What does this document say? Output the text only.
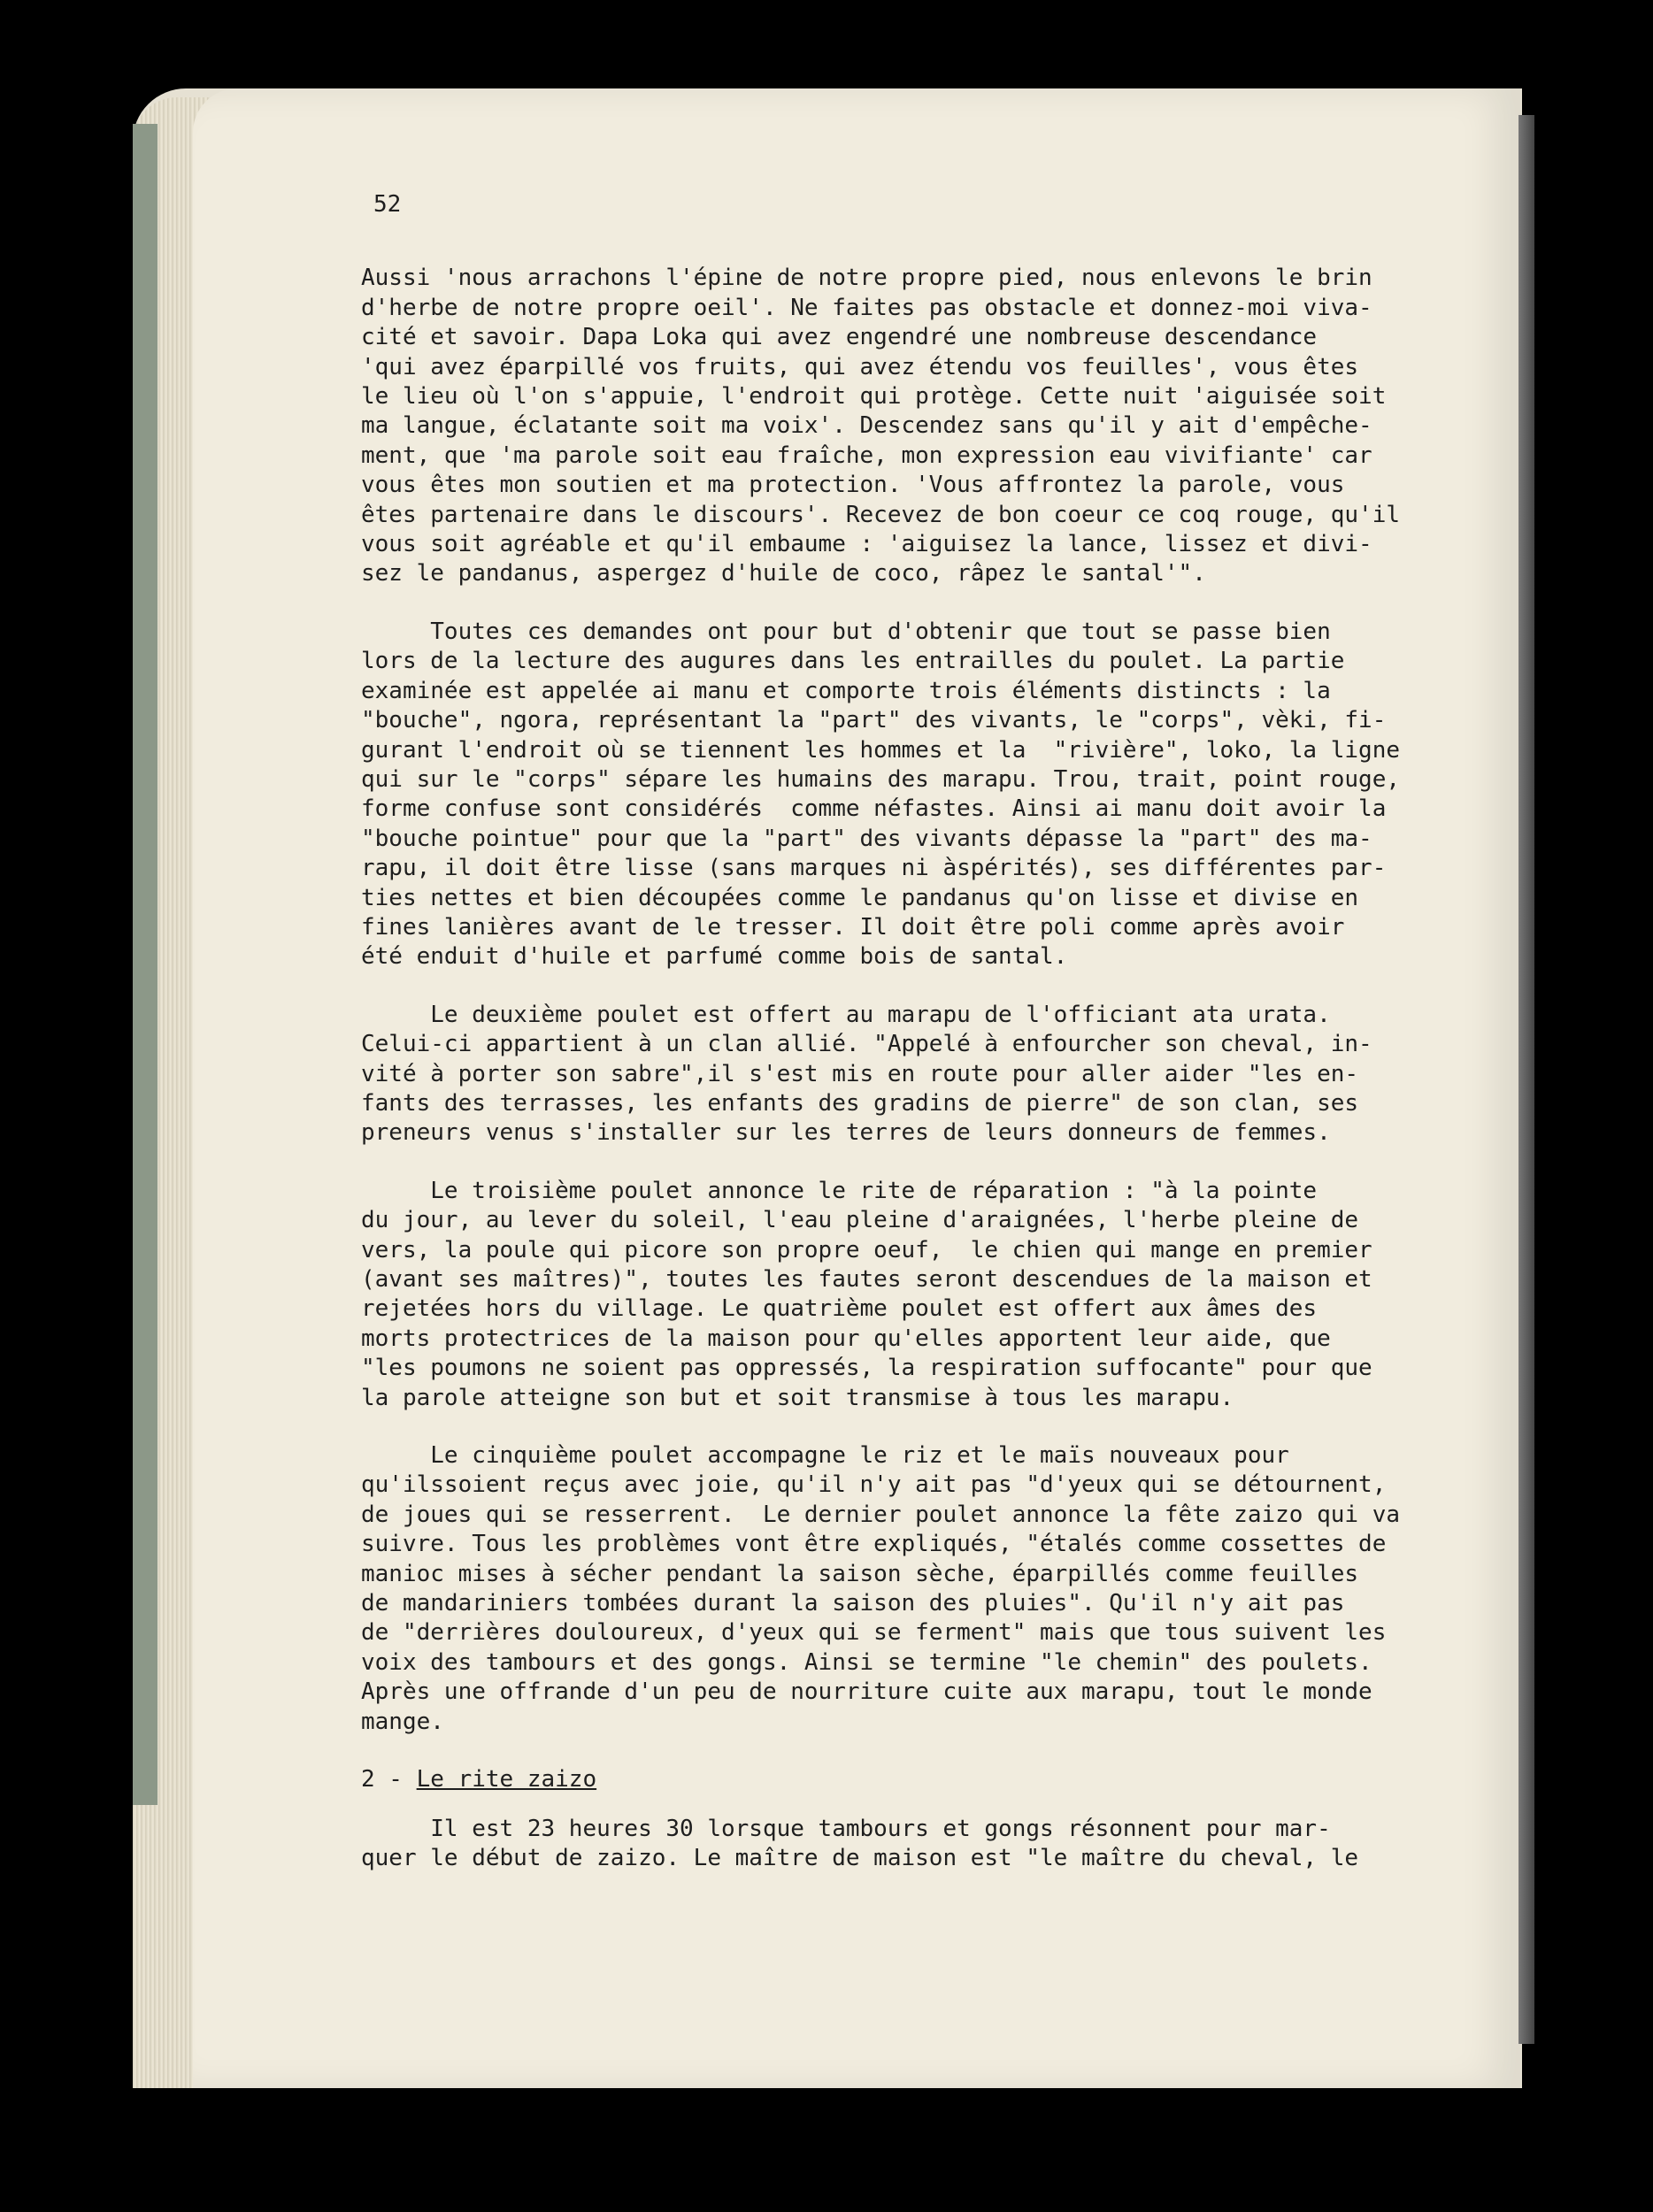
52
Aussi 'nous arrachons l'épine de notre propre pied, nous enlevons le brin
d'herbe de notre propre oeil'. Ne faites pas obstacle et donnez-moi viva-
cité et savoir. Dapa Loka qui avez engendré une nombreuse descendance
'qui avez éparpillé vos fruits, qui avez étendu vos feuilles', vous êtes
le lieu où l'on s'appuie, l'endroit qui protège. Cette nuit 'aiguisée soit
ma langue, éclatante soit ma voix'. Descendez sans qu'il y ait d'empêche-
ment, que 'ma parole soit eau fraîche, mon expression eau vivifiante' car
vous êtes mon soutien et ma protection. 'Vous affrontez la parole, vous
êtes partenaire dans le discours'. Recevez de bon coeur ce coq rouge, qu'il
vous soit agréable et qu'il embaume : 'aiguisez la lance, lissez et divi-
sez le pandanus, aspergez d'huile de coco, râpez le santal'".
Toutes ces demandes ont pour but d'obtenir que tout se passe bien
lors de la lecture des augures dans les entrailles du poulet. La partie
examinée est appelée ai manu et comporte trois éléments distincts : la
"bouche", ngora, représentant la "part" des vivants, le "corps", vèki, fi-
gurant l'endroit où se tiennent les hommes et la  "rivière", loko, la ligne
qui sur le "corps" sépare les humains des marapu. Trou, trait, point rouge,
forme confuse sont considérés  comme néfastes. Ainsi ai manu doit avoir la
"bouche pointue" pour que la "part" des vivants dépasse la "part" des ma-
rapu, il doit être lisse (sans marques ni àspérités), ses différentes par-
ties nettes et bien découpées comme le pandanus qu'on lisse et divise en
fines lanières avant de le tresser. Il doit être poli comme après avoir
été enduit d'huile et parfumé comme bois de santal.
Le deuxième poulet est offert au marapu de l'officiant ata urata.
Celui-ci appartient à un clan allié. "Appelé à enfourcher son cheval, in-
vité à porter son sabre",il s'est mis en route pour aller aider "les en-
fants des terrasses, les enfants des gradins de pierre" de son clan, ses
preneurs venus s'installer sur les terres de leurs donneurs de femmes.
Le troisième poulet annonce le rite de réparation : "à la pointe
du jour, au lever du soleil, l'eau pleine d'araignées, l'herbe pleine de
vers, la poule qui picore son propre oeuf,  le chien qui mange en premier
(avant ses maîtres)", toutes les fautes seront descendues de la maison et
rejetées hors du village. Le quatrième poulet est offert aux âmes des
morts protectrices de la maison pour qu'elles apportent leur aide, que
"les poumons ne soient pas oppressés, la respiration suffocante" pour que
la parole atteigne son but et soit transmise à tous les marapu.
Le cinquième poulet accompagne le riz et le maïs nouveaux pour
qu'ilssoient reçus avec joie, qu'il n'y ait pas "d'yeux qui se détournent,
de joues qui se resserrent.  Le dernier poulet annonce la fête zaizo qui va
suivre. Tous les problèmes vont être expliqués, "étalés comme cossettes de
manioc mises à sécher pendant la saison sèche, éparpillés comme feuilles
de mandariniers tombées durant la saison des pluies". Qu'il n'y ait pas
de "derrières douloureux, d'yeux qui se ferment" mais que tous suivent les
voix des tambours et des gongs. Ainsi se termine "le chemin" des poulets.
Après une offrande d'un peu de nourriture cuite aux marapu, tout le monde
mange.
2 - Le rite zaizo
Il est 23 heures 30 lorsque tambours et gongs résonnent pour mar-
quer le début de zaizo. Le maître de maison est "le maître du cheval, le
